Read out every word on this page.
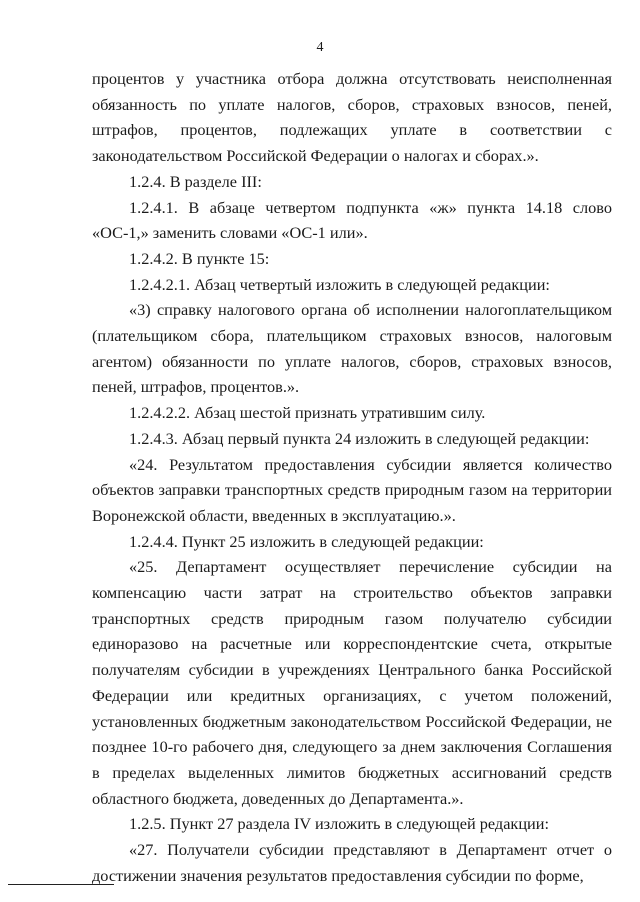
4

процентов у участника отбора должна отсутствовать неисполненная обязанность по уплате налогов, сборов, страховых взносов, пеней, штрафов, процентов, подлежащих уплате в соответствии с законодательством Российской Федерации о налогах и сборах.».

1.2.4. В разделе III:

1.2.4.1. В абзаце четвертом подпункта «ж» пункта 14.18 слово «ОС-1,» заменить словами «ОС-1 или».

1.2.4.2. В пункте 15:

1.2.4.2.1. Абзац четвертый изложить в следующей редакции:

«3) справку налогового органа об исполнении налогоплательщиком (плательщиком сбора, плательщиком страховых взносов, налоговым агентом) обязанности по уплате налогов, сборов, страховых взносов, пеней, штрафов, процентов.».

1.2.4.2.2. Абзац шестой признать утратившим силу.

1.2.4.3. Абзац первый пункта 24 изложить в следующей редакции:

«24. Результатом предоставления субсидии является количество объектов заправки транспортных средств природным газом на территории Воронежской области, введенных в эксплуатацию.».

1.2.4.4. Пункт 25 изложить в следующей редакции:

«25. Департамент осуществляет перечисление субсидии на компенсацию части затрат на строительство объектов заправки транспортных средств природным газом получателю субсидии единоразово на расчетные или корреспондентские счета, открытые получателям субсидии в учреждениях Центрального банка Российской Федерации или кредитных организациях, с учетом положений, установленных бюджетным законодательством Российской Федерации, не позднее 10-го рабочего дня, следующего за днем заключения Соглашения в пределах выделенных лимитов бюджетных ассигнований средств областного бюджета, доведенных до Департамента.».

1.2.5. Пункт 27 раздела IV изложить в следующей редакции:

«27. Получатели субсидии представляют в Департамент отчет о достижении значения результатов предоставления субсидии по форме,
